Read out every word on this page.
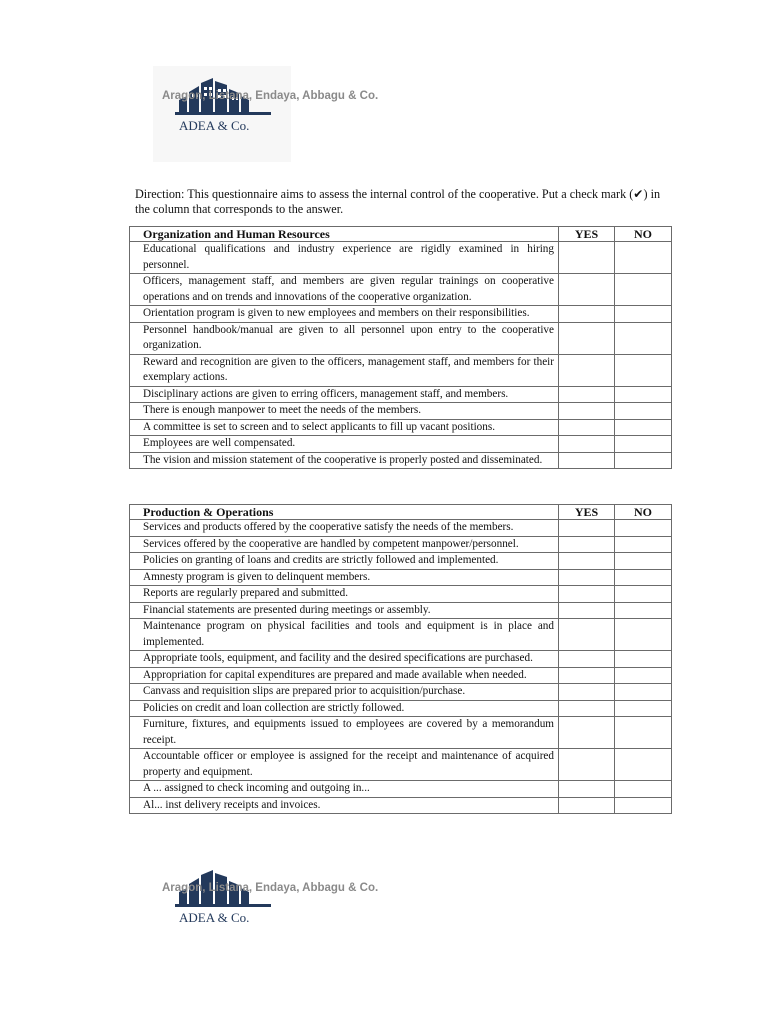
Aragon, Listana, Endaya, Abbagu & Co.
ADEA & Co.
Direction: This questionnaire aims to assess the internal control of the cooperative. Put a check mark (✔) in the column that corresponds to the answer.
Organization and Human Resources	YES	NO
Educational qualifications and industry experience are rigidly examined in hiring personnel.		
Officers, management staff, and members are given regular trainings on cooperative operations and on trends and innovations of the cooperative organization.		
Orientation program is given to new employees and members on their responsibilities.		
Personnel handbook/manual are given to all personnel upon entry to the cooperative organization.		
Reward and recognition are given to the officers, management staff, and members for their exemplary actions.		
Disciplinary actions are given to erring officers, management staff, and members.		
There is enough manpower to meet the needs of the members.		
A committee is set to screen and to select applicants to fill up vacant positions.		
Employees are well compensated.		
The vision and mission statement of the cooperative is properly posted and disseminated.		
Production & Operations	YES	NO
Services and products offered by the cooperative satisfy the needs of the members.		
Services offered by the cooperative are handled by competent manpower/personnel.		
Policies on granting of loans and credits are strictly followed and implemented.		
Amnesty program is given to delinquent members.		
Reports are regularly prepared and submitted.		
Financial statements are presented during meetings or assembly.		
Maintenance program on physical facilities and tools and equipment is in place and implemented.		
Appropriate tools, equipment, and facility and the desired specifications are purchased.		
Appropriation for capital expenditures are prepared and made available when needed.		
Canvass and requisition slips are prepared prior to acquisition/purchase.		
Policies on credit and loan collection are strictly followed.		
Furniture, fixtures, and equipments issued to employees are covered by a memorandum receipt.		
Accountable officer or employee is assigned for the receipt and maintenance of acquired property and equipment.		
A ... assigned to check incoming and outgoing in...		
Al... inst delivery receipts and invoices.		
Aragon, Listana, Endaya, Abbagu & Co.
ADEA & Co.
